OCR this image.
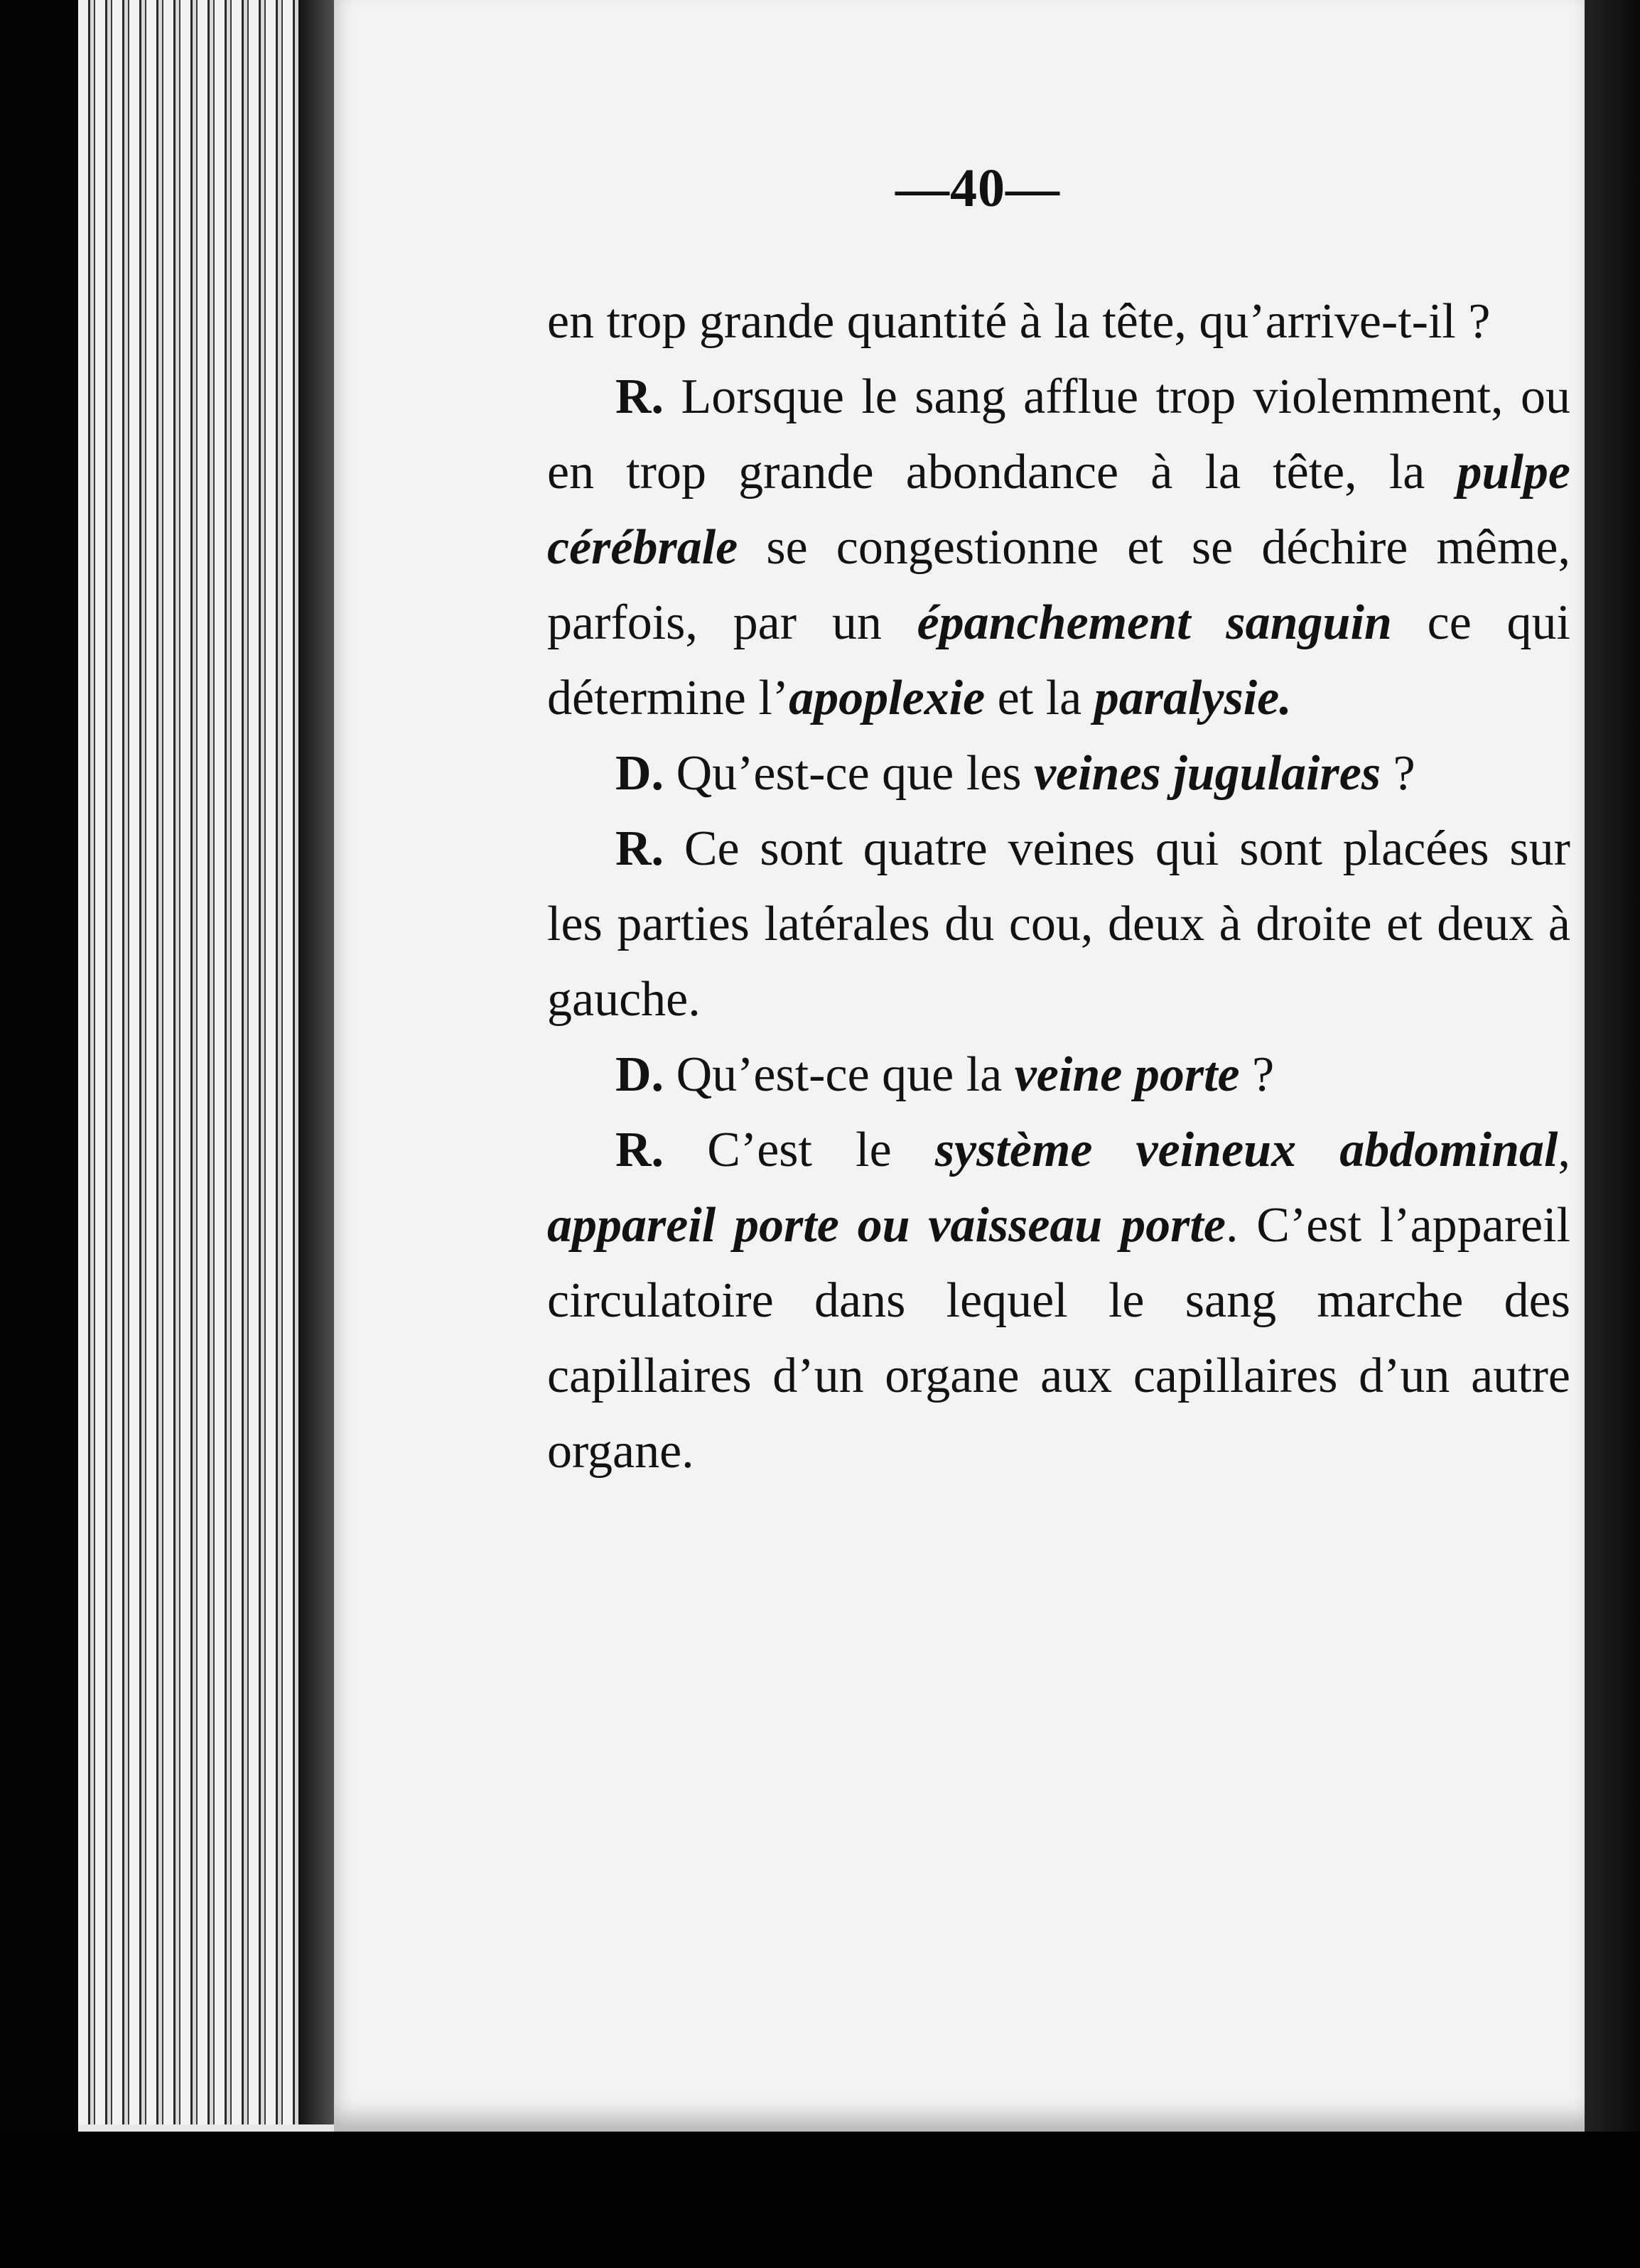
—40—

en trop grande quantité à la tête, qu’arrive-t-il ?

R. Lorsque le sang afflue trop violemment, ou en trop grande abondance à la tête, la pulpe cérébrale se congestionne et se déchire même, parfois, par un épanchement sanguin ce qui détermine l’apoplexie et la paralysie.

D. Qu’est-ce que les veines jugulaires ?

R. Ce sont quatre veines qui sont placées sur les parties latérales du cou, deux à droite et deux à gauche.

D. Qu’est-ce que la veine porte ?

R. C’est le système veineux abdominal, appareil porte ou vaisseau porte. C’est l’appareil circulatoire dans lequel le sang marche des capillaires d’un organe aux capillaires d’un autre organe.
